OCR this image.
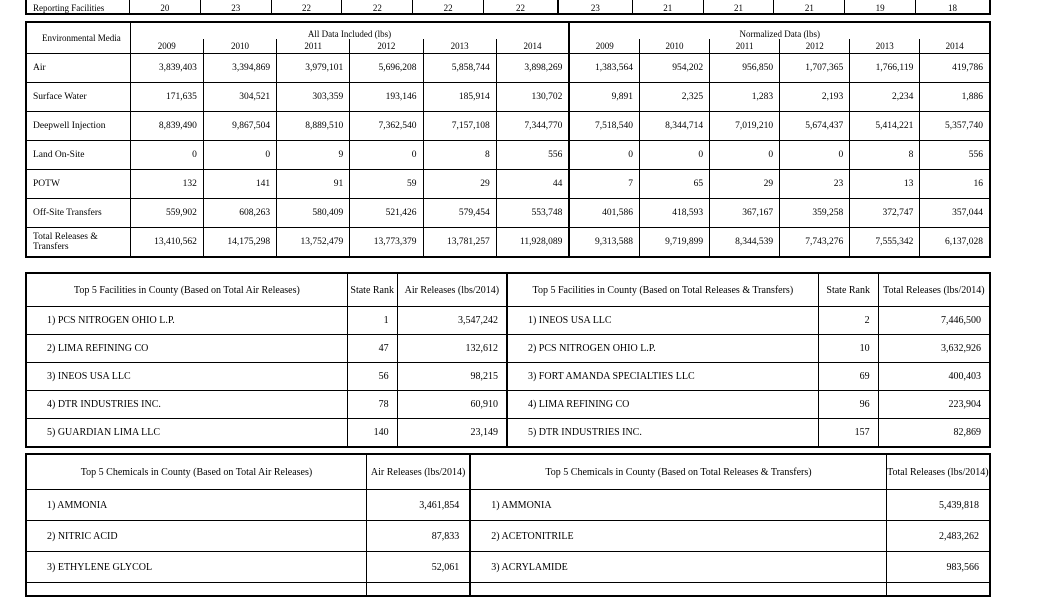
Reporting Facilities	20	23	22	22	22	22	23	21	21	21	19	18
Environmental Media	All Data Included (lbs)						Normalized Data (lbs)					
	2009	2010	2011	2012	2013	2014	2009	2010	2011	2012	2013	2014
Air	3,839,403	3,394,869	3,979,101	5,696,208	5,858,744	3,898,269	1,383,564	954,202	956,850	1,707,365	1,766,119	419,786
Surface Water	171,635	304,521	303,359	193,146	185,914	130,702	9,891	2,325	1,283	2,193	2,234	1,886
Deepwell Injection	8,839,490	9,867,504	8,889,510	7,362,540	7,157,108	7,344,770	7,518,540	8,344,714	7,019,210	5,674,437	5,414,221	5,357,740
Land On-Site	0	0	9	0	8	556	0	0	0	0	8	556
POTW	132	141	91	59	29	44	7	65	29	23	13	16
Off-Site Transfers	559,902	608,263	580,409	521,426	579,454	553,748	401,586	418,593	367,167	359,258	372,747	357,044
Total Releases & Transfers	13,410,562	14,175,298	13,752,479	13,773,379	13,781,257	11,928,089	9,313,588	9,719,899	8,344,539	7,743,276	7,555,342	6,137,028
Top 5 Facilities in County (Based on Total Air Releases)	State Rank	Air Releases (lbs/2014)	Top 5 Facilities in County (Based on Total Releases & Transfers)	State Rank	Total Releases (lbs/2014)
1) PCS NITROGEN OHIO L.P.	1	3,547,242	1) INEOS USA LLC	2	7,446,500
2) LIMA REFINING CO	47	132,612	2) PCS NITROGEN OHIO L.P.	10	3,632,926
3) INEOS USA LLC	56	98,215	3) FORT AMANDA SPECIALTIES LLC	69	400,403
4) DTR INDUSTRIES INC.	78	60,910	4) LIMA REFINING CO	96	223,904
5) GUARDIAN LIMA LLC	140	23,149	5) DTR INDUSTRIES INC.	157	82,869
Top 5 Chemicals in County (Based on Total Air Releases)	Air Releases (lbs/2014)	Top 5 Chemicals in County (Based on Total Releases & Transfers)	Total Releases (lbs/2014)
1) AMMONIA	3,461,854	1) AMMONIA	5,439,818
2) NITRIC ACID	87,833	2) ACETONITRILE	2,483,262
3) ETHYLENE GLYCOL	52,061	3) ACRYLAMIDE	983,566
